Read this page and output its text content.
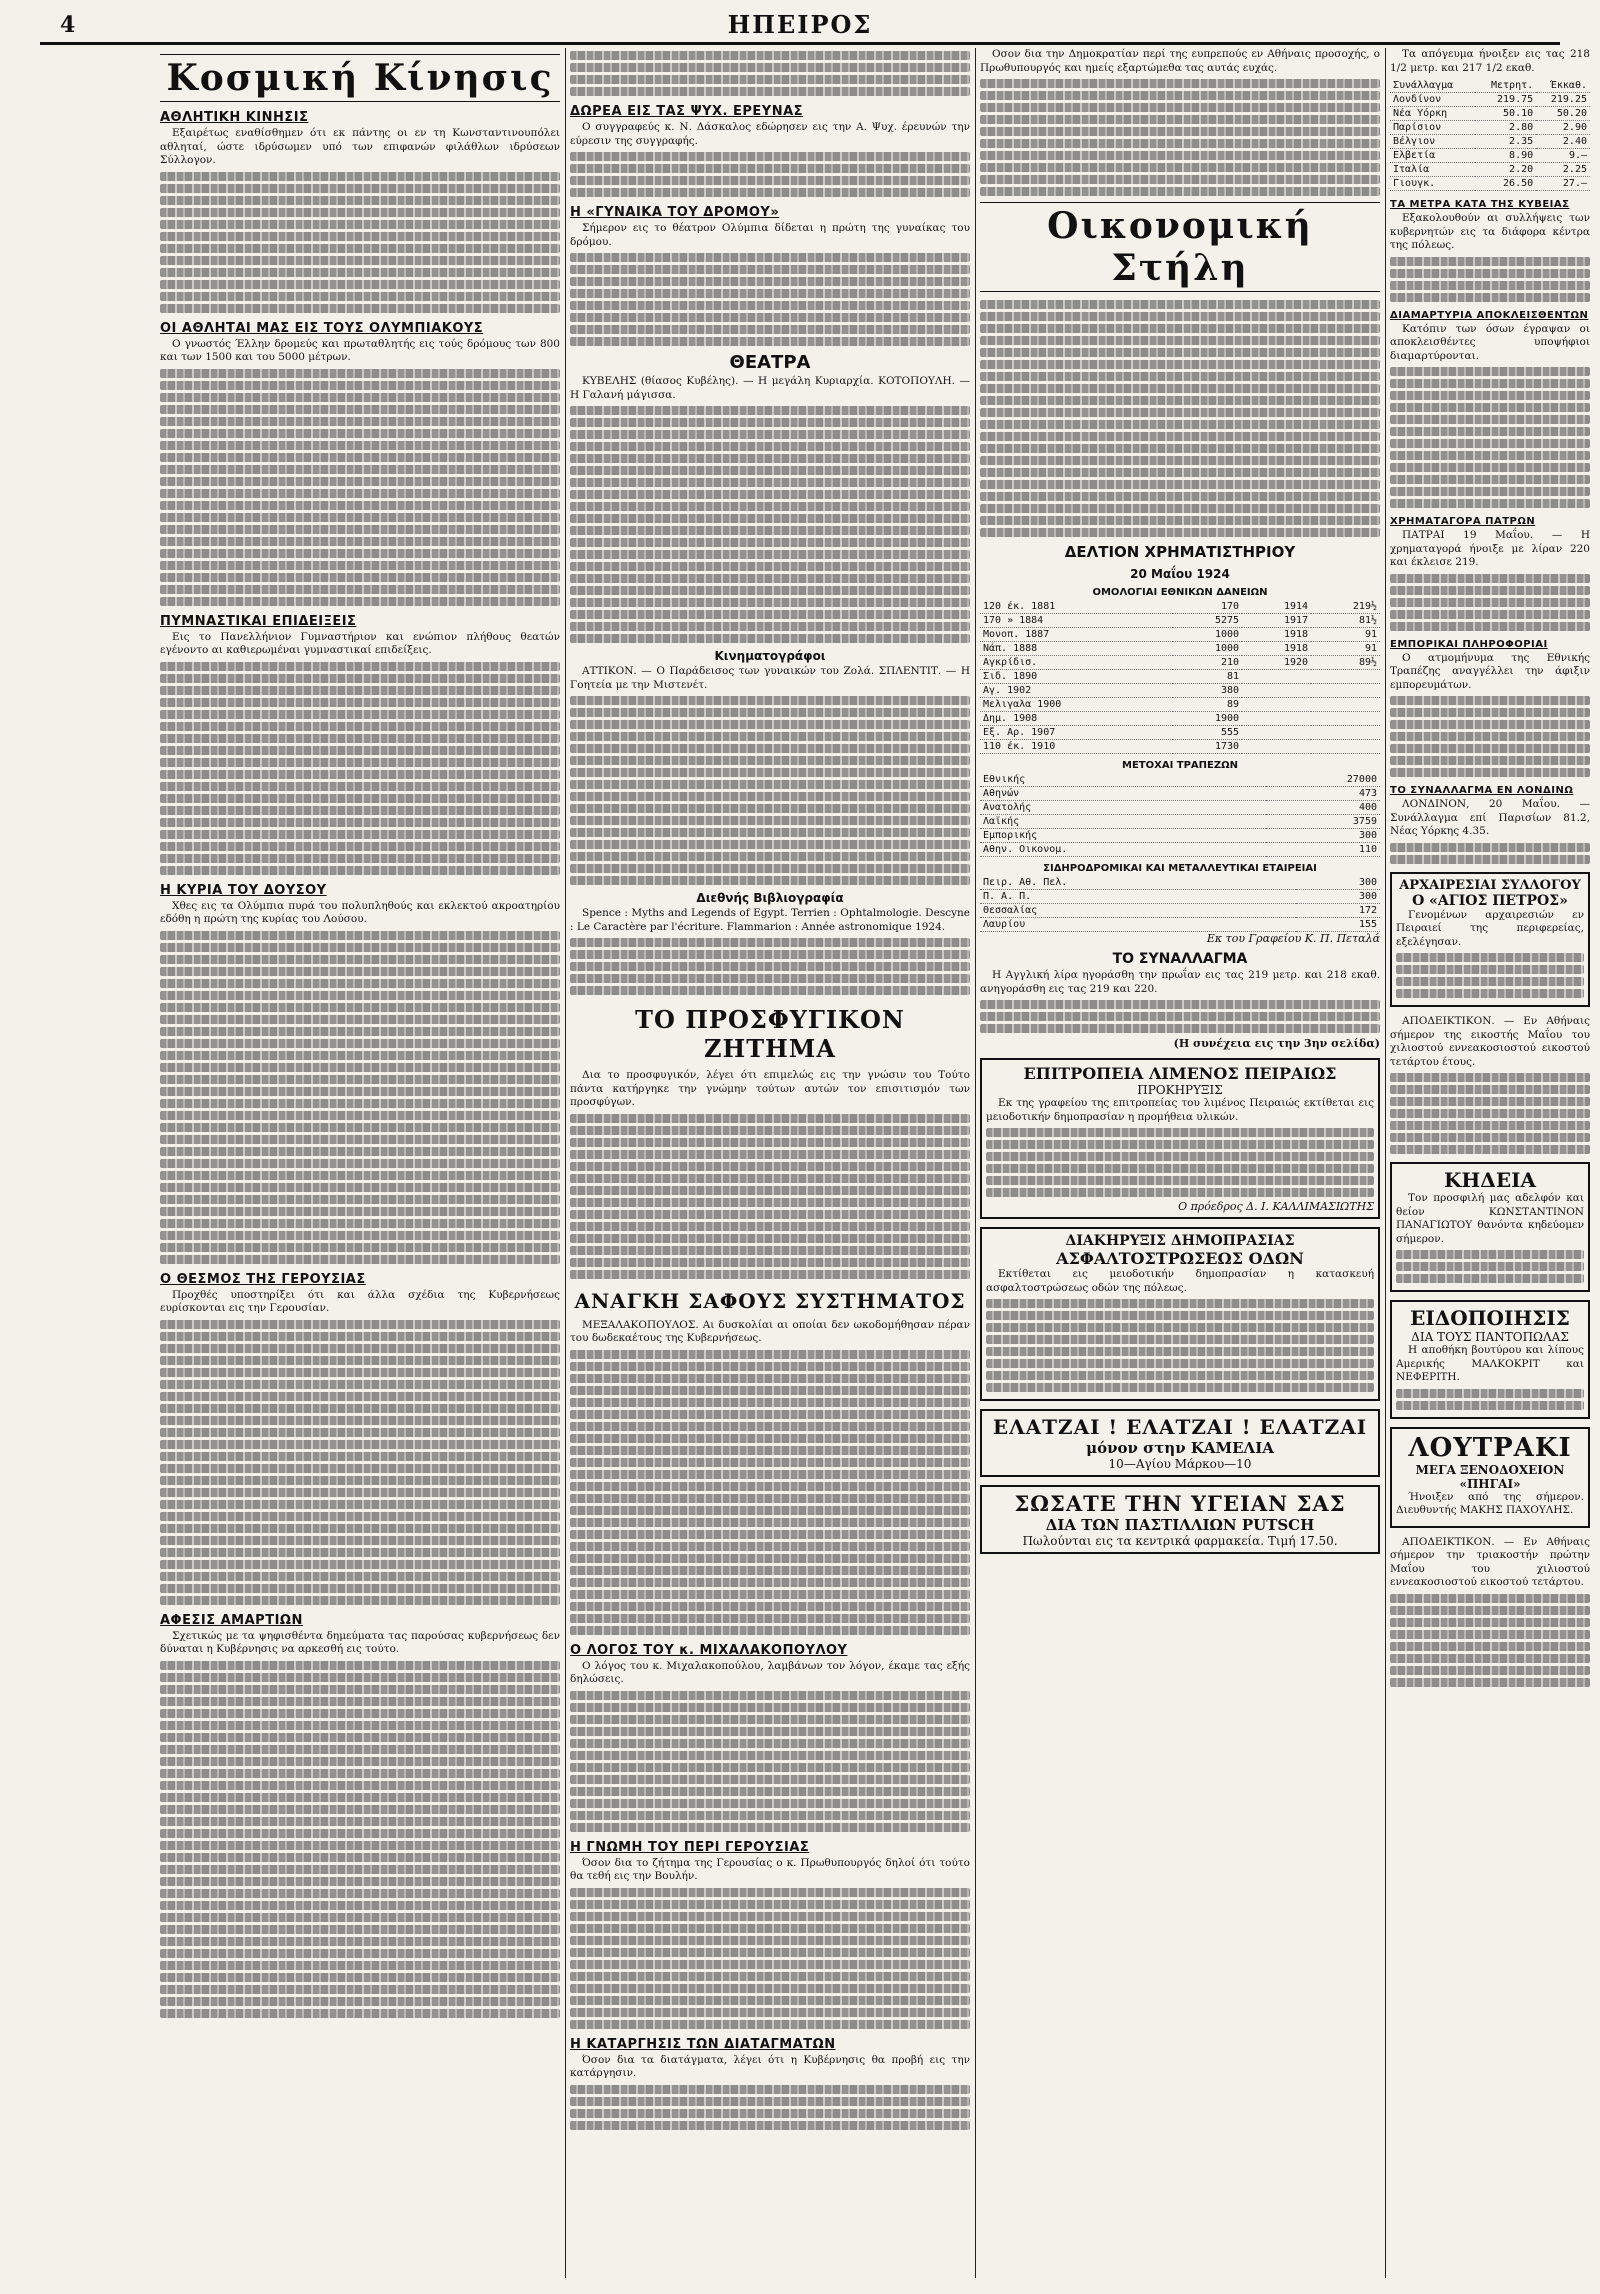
4	ΗΠΕΙΡΟΣ
Κοσμική Κίνησις
ΑΘΛΗΤΙΚΗ ΚΙΝΗΣΙΣ

Εξαιρέτως εναθίσθημεν ότι εκ πάντης οι εν τη Κωνσταντινουπόλει αθληταί, ώστε ιδρύσωμεν υπό των επιφανών φιλάθλων ιδρύσεων Σύλλογον.

ΟΙ ΑΘΛΗΤΑΙ ΜΑΣ ΕΙΣ ΤΟΥΣ ΟΛΥΜΠΙΑΚΟΥΣ

Ο γνωστός Έλλην δρομεύς και πρωταθλητής εις τούς δρόμους των 800 και των 1500 και του 5000 μέτρων.

ΠΥΜΝΑΣΤΙΚΑΙ ΕΠΙΔΕΙΞΕΙΣ

Εις το Πανελλήνιον Γυμναστήριον και ενώπιον πλήθους θεατών εγένοντο αι καθιερωμέναι γυμναστικαί επιδείξεις.

Η ΚΥΡΙΑ ΤΟΥ ΔΟΥΣΟΥ

Χθες εις τα Ολύμπια πυρά του πολυπληθούς και εκλεκτού ακροατηρίου εδόθη η πρώτη της κυρίας του Λούσου.

Ο ΘΕΣΜΟΣ ΤΗΣ ΓΕΡΟΥΣΙΑΣ

Προχθές υποστηρίξει ότι και άλλα σχέδια της Κυβερνήσεως ευρίσκονται εις την Γερουσίαν.

ΑΦΕΣΙΣ ΑΜΑΡΤΙΩΝ

Σχετικώς με τα ψηφισθέντα δημεύματα τας παρούσας κυβερνήσεως δεν δύναται η Κυβέρνησις να αρκεσθή εις τούτο.

ΔΩΡΕΑ ΕΙΣ ΤΑΣ ΨΥΧ. ΕΡΕΥΝΑΣ

Ο συγγραφεύς κ. Ν. Δάσκαλος εδώρησεν εις την Α. Ψυχ. έρευνών την εύρεσιν της συγγραφής.

Η «ΓΥΝΑΙΚΑ ΤΟΥ ΔΡΟΜΟΥ»

Σήμερον εις το θέατρον Ολύμπια δίδεται η πρώτη της γυναίκας του δρόμου.

ΘΕΑΤΡΑ

ΚΥΒΕΛΗΣ (θίασος Κυβέλης). — Η μεγάλη Κυριαρχία. ΚΟΤΟΠΟΥΛΗ. — Η Γαλανή μάγισσα.

Κινηματογράφοι

ΑΤΤΙΚΟΝ. — Ο Παράδεισος των γυναικών του Ζολά. ΣΠΛΕΝΤΙΤ. — Η Γοητεία με την Μιστενέτ.

Διεθνής Βιβλιογραφία

Spence : Myths and Legends of Egypt. Terrien : Ophtalmologie. Descyne : Le Caractère par l'écriture. Flammarion : Année astronomique 1924.

ΤΟ ΠΡΟΣΦΥΓΙΚΟΝ ΖΗΤΗΜΑ

Δια το προσφυγικόν, λέγει ότι επιμελώς εις την γνώσιν του Τούτο πάντα κατήργηκε την γνώμην τούτων αυτών τον επισιτισμόν των προσφύγων.

ΑΝΑΓΚΗ ΣΑΦΟΥΣ ΣΥΣΤΗΜΑΤΟΣ

ΜΕΞΑΛΑΚΟΠΟΥΛΟΣ. Αι δυσκολίαι αι οποίαι δεν ωκοδομήθησαν πέραν του δωδεκαέτους της Κυβερνήσεως.

Ο ΛΟΓΟΣ ΤΟΥ κ. ΜΙΧΑΛΑΚΟΠΟΥΛΟΥ

Ο λόγος του κ. Μιχαλακοπούλου, λαμβάνων τον λόγον, έκαμε τας εξής δηλώσεις.

Η ΓΝΩΜΗ ΤΟΥ ΠΕΡΙ ΓΕΡΟΥΣΙΑΣ

Όσον δια το ζήτημα της Γερουσίας ο κ. Πρωθυπουργός δηλοί ότι τούτο θα τεθή εις την Βουλήν.

Η ΚΑΤΑΡΓΗΣΙΣ ΤΩΝ ΔΙΑΤΑΓΜΑΤΩΝ

Όσον δια τα διατάγματα, λέγει ότι η Κυβέρνησις θα προβή εις την κατάργησιν.

Οσον δια την Δημοκρατίαν περί της ευπρεπούς εν Αθήναις προσοχής, ο Πρωθυπουργός και ημείς εξαρτώμεθα τας αυτάς ευχάς.

Οικονομική Στήλη
ΔΕΛΤΙΟΝ ΧΡΗΜΑΤΙΣΤΗΡΙΟΥ
20 Μαΐου 1924
ΟΜΟΛΟΓΙΑΙ ΕΘΝΙΚΩΝ ΔΑΝΕΙΩΝ
120 έκ. 1881	170	1914	219½
170 » 1884	5275	1917	81½
Μονοπ. 1887	1000	1918	91
Νάπ. 1888	1000	1918	91
Αγκρίδισ.	210	1920	89½
Σιδ. 1890	81		
Αγ. 1902	380		
Μελιγαλα 1900	89		
Δημ. 1908	1900		
Εξ. Αρ. 1907	555		
110 έκ. 1910	1730		
ΜΕΤΟΧΑΙ ΤΡΑΠΕΖΩΝ
Εθνικής	27000
Αθηνών	473
Ανατολής	400
Λαϊκής	3759
Εμπορικής	300
Αθην. Οικονομ.	110
ΣΙΔΗΡΟΔΡΟΜΙΚΑΙ ΚΑΙ ΜΕΤΑΛΛΕΥΤΙΚΑΙ ΕΤΑΙΡΕΙΑΙ
Πειρ. Αθ. Πελ.	300
Π. Α. Π.	300
Θεσσαλίας	172
Λαυρίου	155
Εκ του Γραφείου Κ. Π. Πεταλά
ΤΟ ΣΥΝΑΛΛΑΓΜΑ

Η Αγγλική λίρα ηγοράσθη την πρωΐαν εις τας 219 μετρ. και 218 εκαθ. ανηγοράσθη εις τας 219 και 220.

(Η συνέχεια εις την 3ην σελίδα)
ΕΠΙΤΡΟΠΕΙΑ ΛΙΜΕΝΟΣ ΠΕΙΡΑΙΩΣ
ΠΡΟΚΗΡΥΞΙΣ

Εκ της γραφείου της επιτροπείας του λιμένος Πειραιώς εκτίθεται εις μειοδοτικήν δημοπρασίαν η προμήθεια υλικών.

Ο πρόεδρος Δ. Ι. ΚΑΛΛΙΜΑΣΙΩΤΗΣ
ΔΙΑΚΗΡΥΞΙΣ ΔΗΜΟΠΡΑΣΙΑΣ
ΑΣΦΑΛΤΟΣΤΡΩΣΕΩΣ ΟΔΩΝ

Εκτίθεται εις μειοδοτικήν δημοπρασίαν η κατασκευή ασφαλτοστρώσεως οδών της πόλεως.

ΕΛΑΤΖΑΙ ! ΕΛΑΤΖΑΙ ! ΕΛΑΤΖΑΙ
μόνον στην ΚΑΜΕΛΙΑ
10—Αγίου Μάρκου—10
ΣΩΣΑΤΕ ΤΗΝ ΥΓΕΙΑΝ ΣΑΣ
ΔΙΑ ΤΩΝ ΠΑΣΤΙΛΛΙΩΝ PUTSCH
Πωλούνται εις τα κεντρικά φαρμακεία. Τιμή 17.50.

Τα απόγευμα ήνοιξεν εις τας 218 1/2 μετρ. και 217 1/2 εκαθ.

Συνάλλαγμα	Μετρητ.	Έκκαθ.
Λονδίνον	219.75	219.25
Νέα Υόρκη	50.10	50.20
Παρίσιον	2.80	2.90
Βέλγιον	2.35	2.40
Ελβετία	8.90	9.—
Ιταλία	2.20	2.25
Γιουγκ.	26.50	27.—
ΤΑ ΜΕΤΡΑ ΚΑΤΑ ΤΗΣ ΚΥΒΕΙΑΣ

Εξακολουθούν αι συλλήψεις των κυβερνητών εις τα διάφορα κέντρα της πόλεως.

ΔΙΑΜΑΡΤΥΡΙΑ ΑΠΟΚΛΕΙΣΘΕΝΤΩΝ

Κατόπιν των όσων έγραψαν οι αποκλεισθέντες υποψήφιοι διαμαρτύρονται.

ΧΡΗΜΑΤΑΓΟΡΑ ΠΑΤΡΩΝ

ΠΑΤΡΑΙ 19 Μαΐου. — Η χρηματαγορά ήνοιξε με λίραν 220 και έκλεισε 219.

ΕΜΠΟΡΙΚΑΙ ΠΛΗΡΟΦΟΡΙΑΙ

Ο ατμομήνυμα της Εθνικής Τραπέζης αναγγέλλει την άφιξιν εμπορευμάτων.

ΤΟ ΣΥΝΑΛΛΑΓΜΑ ΕΝ ΛΟΝΔΙΝΩ

ΛΟΝΔΙΝΟΝ, 20 Μαΐου. — Συνάλλαγμα επί Παρισίων 81.2, Νέας Υόρκης 4.35.

ΑΡΧΑΙΡΕΣΙΑΙ ΣΥΛΛΟΓΟΥ
Ο «ΑΓΙΟΣ ΠΕΤΡΟΣ»

Γενομένων αρχαιρεσιών εν Πειραιεί της περιφερείας, εξελέγησαν.

ΑΠΟΔΕΙΚΤΙΚΟΝ. — Εν Αθήναις σήμερον της εικοστής Μαΐου του χιλιοστού εννεακοσιοστού εικοστού τετάρτου έτους.

ΚΗΔΕΙΑ

Τον προσφιλή μας αδελφόν και θείον ΚΩΝΣΤΑΝΤΙΝΟΝ ΠΑΝΑΓΙΩΤΟΥ θανόντα κηδεύομεν σήμερον.

ΕΙΔΟΠΟΙΗΣΙΣ
ΔΙΑ ΤΟΥΣ ΠΑΝΤΟΠΩΛΑΣ

Η αποθήκη βουτύρου και λίπους Αμερικής ΜΑΛΚΟΚΡΙΤ και ΝΕΦΕΡΙΤΗ.

ΛΟΥΤΡΑΚΙ
ΜΕΓΑ ΞΕΝΟΔΟΧΕΙΟΝ «ΠΗΓΑΙ»

Ήνοιξεν από της σήμερον. Διευθυντής ΜΑΚΗΣ ΠΑΧΟΥΛΗΣ.

ΑΠΟΔΕΙΚΤΙΚΟΝ. — Εν Αθήναις σήμερον την τριακοστήν πρώτην Μαΐου του χιλιοστού εννεακοσιοστού εικοστού τετάρτου.
